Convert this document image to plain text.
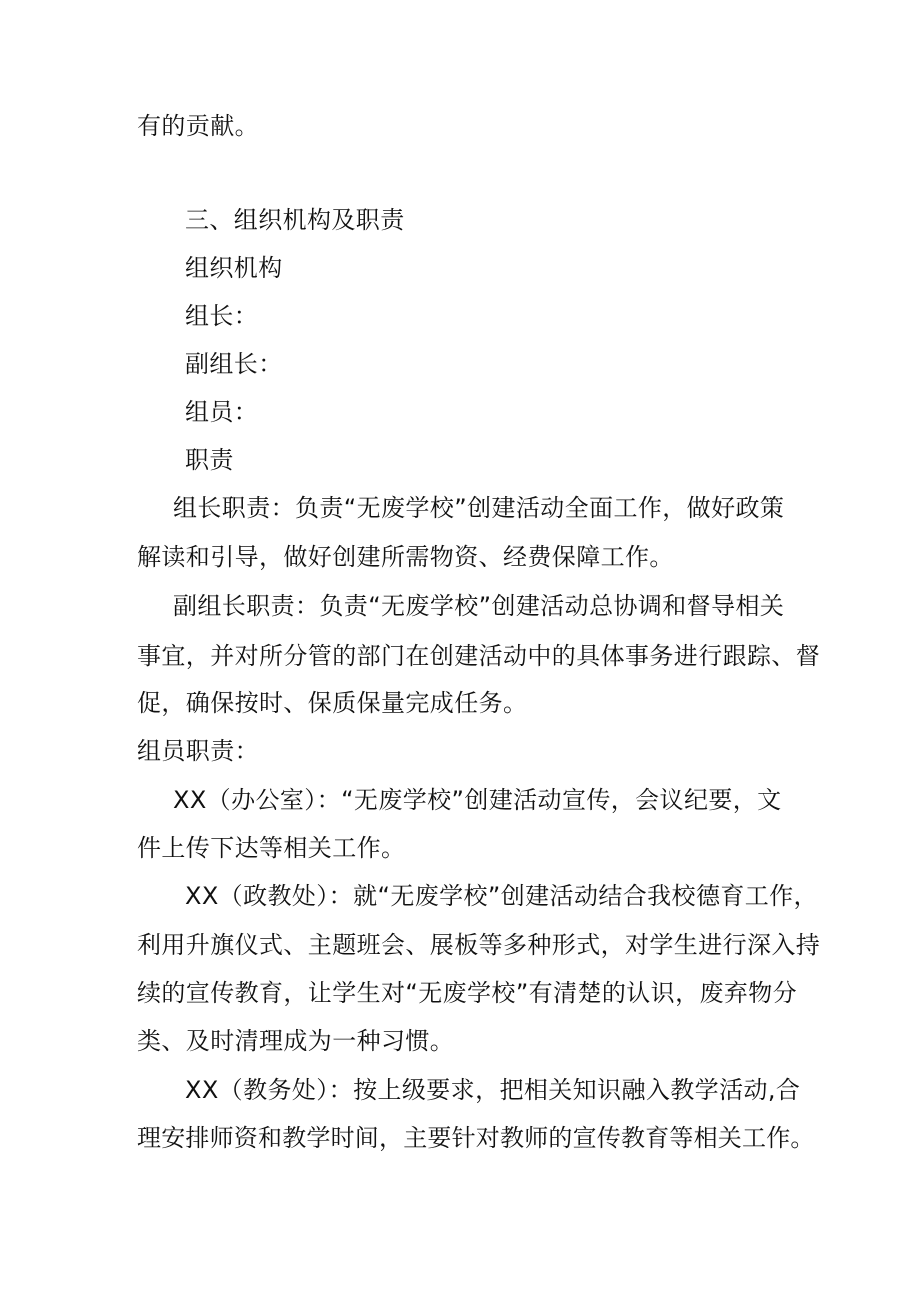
有的贡献。
三、组织机构及职责
组织机构
组长：
副组长：
组员：
职责
组长职责：负责“无废学校”创建活动全面工作，做好政策
解读和引导，做好创建所需物资、经费保障工作。
副组长职责：负责“无废学校”创建活动总协调和督导相关
事宜，并对所分管的部门在创建活动中的具体事务进行跟踪、督
促，确保按时、保质保量完成任务。
组员职责：
XX（办公室）：“无废学校”创建活动宣传，会议纪要，文
件上传下达等相关工作。
XX（政教处）：就“无废学校”创建活动结合我校德育工作，
利用升旗仪式、主题班会、展板等多种形式，对学生进行深入持
续的宣传教育，让学生对“无废学校”有清楚的认识，废弃物分
类、及时清理成为一种习惯。
XX（教务处）：按上级要求，把相关知识融入教学活动,合
理安排师资和教学时间，主要针对教师的宣传教育等相关工作。
